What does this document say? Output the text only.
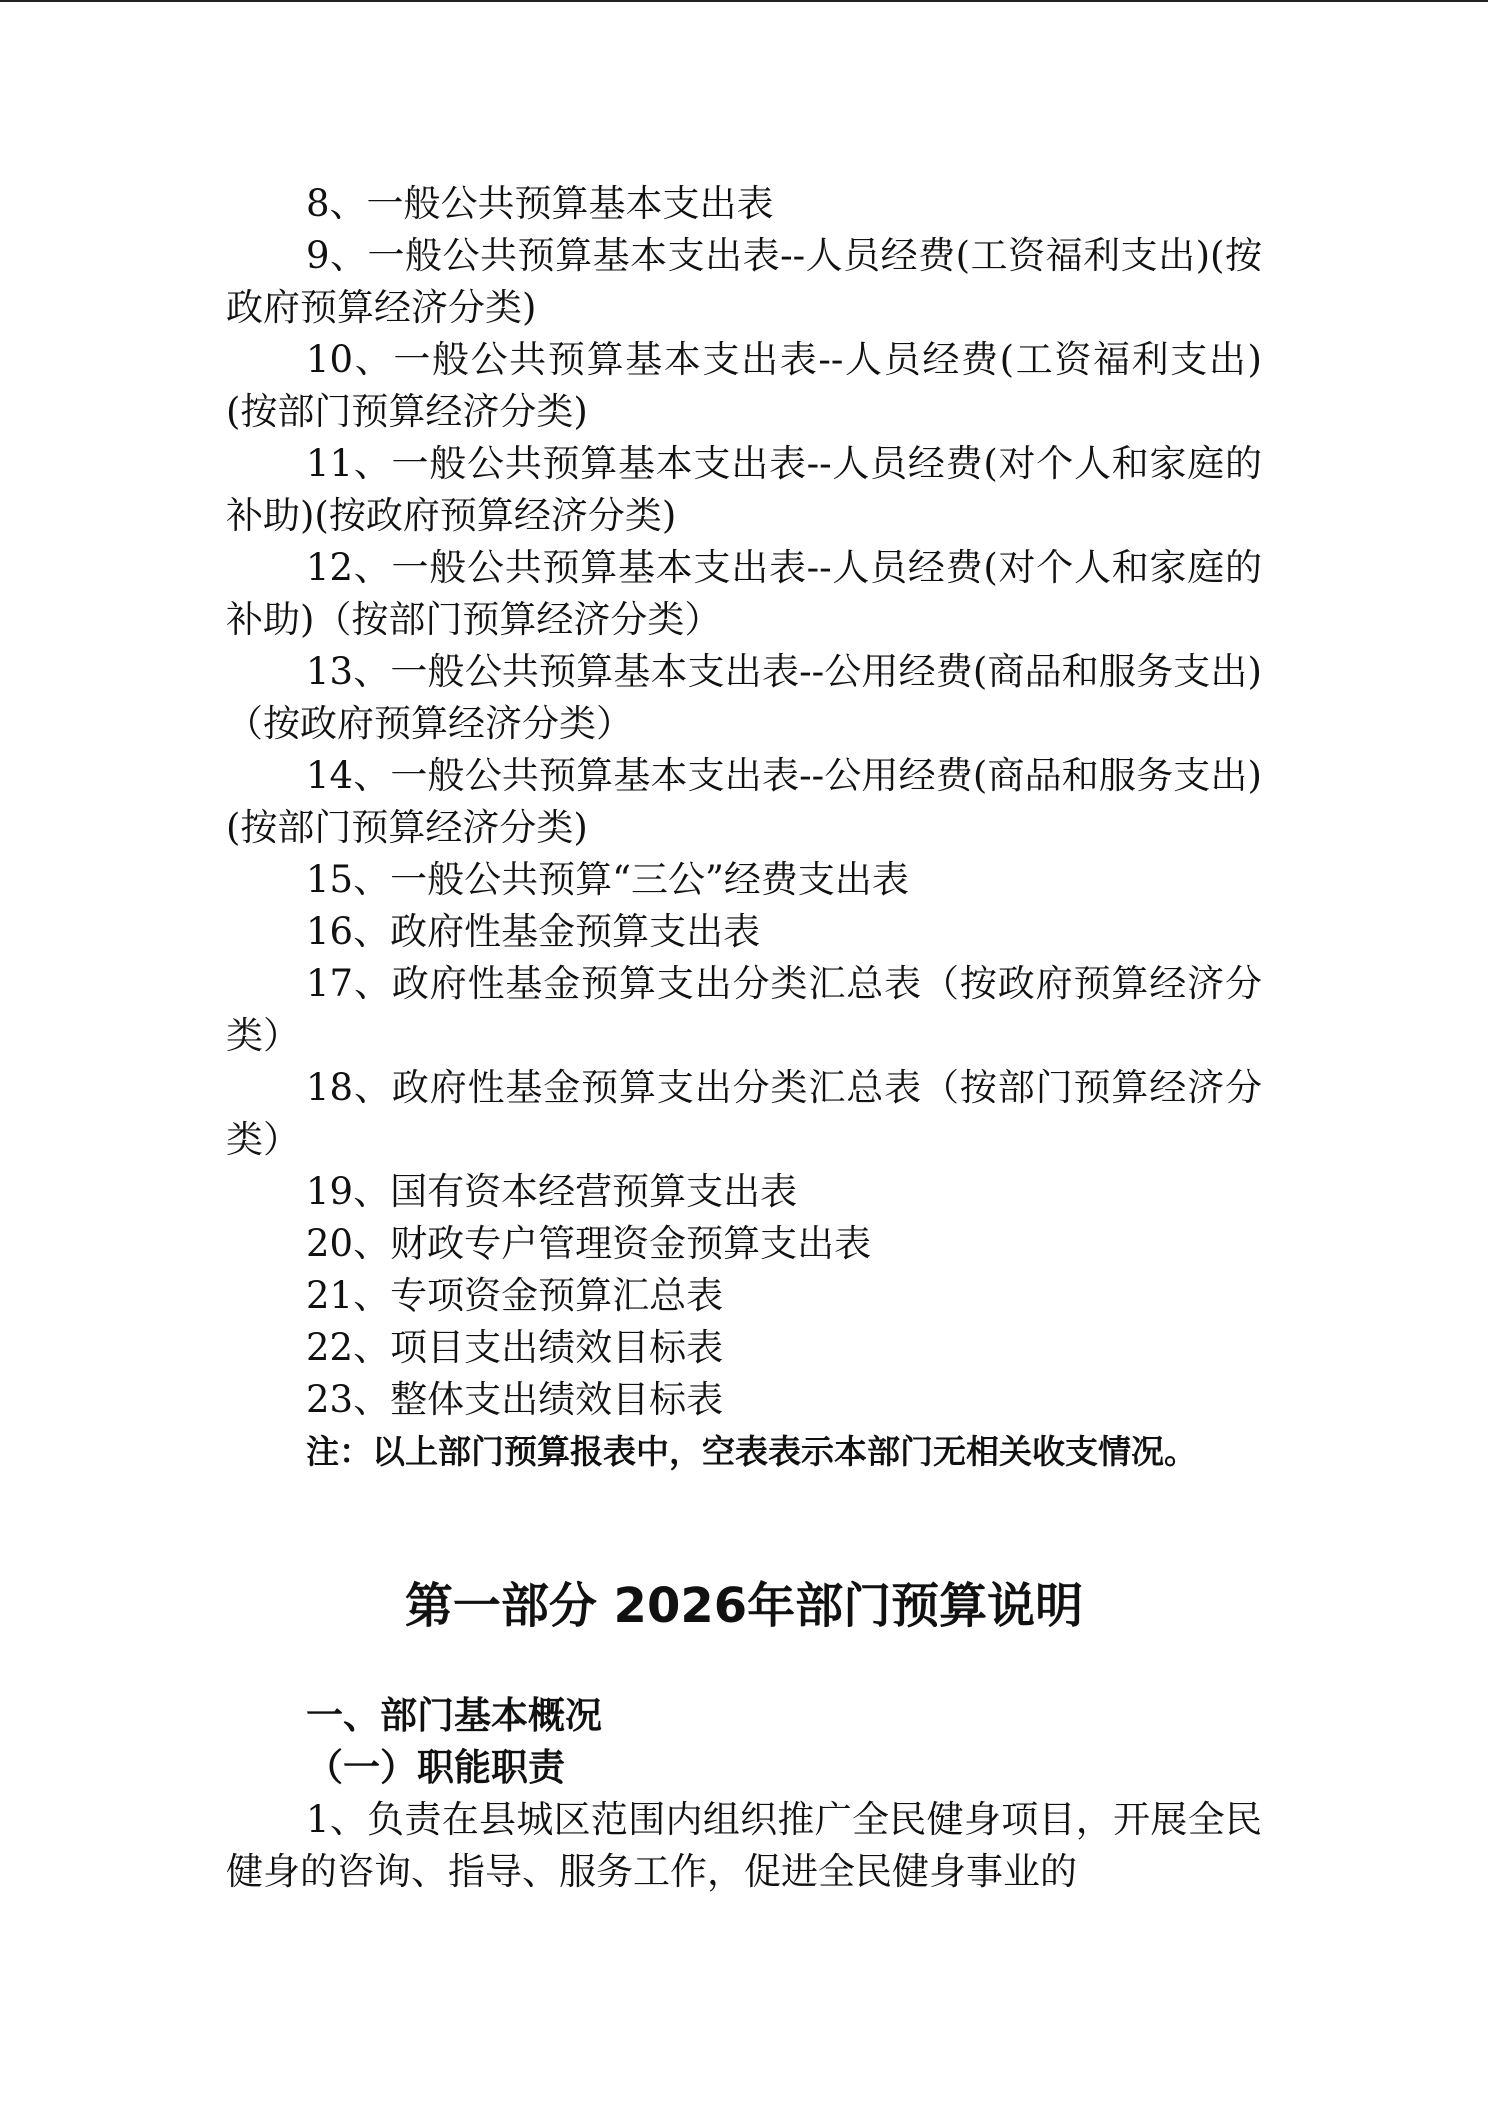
8、一般公共预算基本支出表

9、一般公共预算基本支出表--人员经费(工资福利支出)(按政府预算经济分类)

10、一般公共预算基本支出表--人员经费(工资福利支出)(按部门预算经济分类)

11、一般公共预算基本支出表--人员经费(对个人和家庭的补助)(按政府预算经济分类)

12、一般公共预算基本支出表--人员经费(对个人和家庭的补助)（按部门预算经济分类）

13、一般公共预算基本支出表--公用经费(商品和服务支出)（按政府预算经济分类）

14、一般公共预算基本支出表--公用经费(商品和服务支出)(按部门预算经济分类)

15、一般公共预算“三公”经费支出表

16、政府性基金预算支出表

17、政府性基金预算支出分类汇总表（按政府预算经济分类）

18、政府性基金预算支出分类汇总表（按部门预算经济分类）

19、国有资本经营预算支出表

20、财政专户管理资金预算支出表

21、专项资金预算汇总表

22、项目支出绩效目标表

23、整体支出绩效目标表

注：以上部门预算报表中，空表表示本部门无相关收支情况。

第一部分 2026年部门预算说明
一、部门基本概况
（一）职能职责

1、负责在县城区范围内组织推广全民健身项目，开展全民健身的咨询、指导、服务工作，促进全民健身事业的
